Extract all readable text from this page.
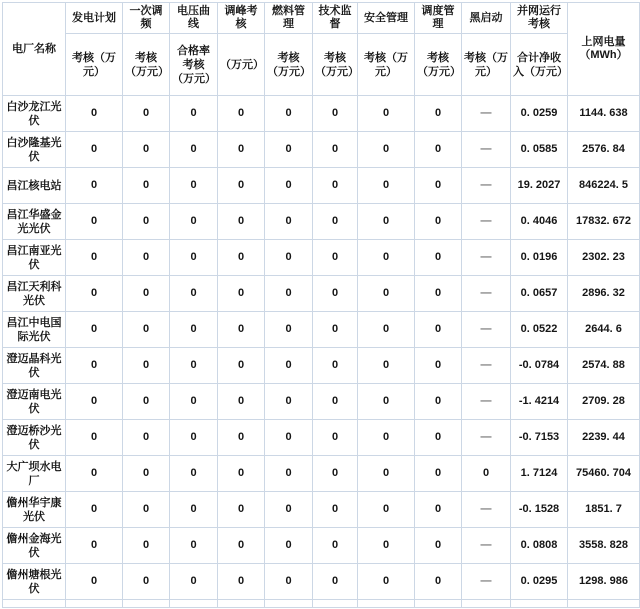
电厂名称	发电计划	一次调频	电压曲线	调峰考核	燃料管理	技术监督	安全管理	调度管理	黑启动	并网运行考核	上网电量（MWh）
	考核（万元）	考核（万元）	合格率考核（万元）	（万元）	考核（万元）	考核（万元）	考核（万元）	考核（万元）	考核（万元）	合计净收入（万元）	
白沙龙江光伏	0	0	0	0	0	0	0	0	—	0. 0259	1144. 638
白沙隆基光伏	0	0	0	0	0	0	0	0	—	0. 0585	2576. 84
昌江核电站	0	0	0	0	0	0	0	0	—	19. 2027	846224. 5
昌江华盛金光光伏	0	0	0	0	0	0	0	0	—	0. 4046	17832. 672
昌江南亚光伏	0	0	0	0	0	0	0	0	—	0. 0196	2302. 23
昌江天利科光伏	0	0	0	0	0	0	0	0	—	0. 0657	2896. 32
昌江中电国际光伏	0	0	0	0	0	0	0	0	—	0. 0522	2644. 6
澄迈晶科光伏	0	0	0	0	0	0	0	0	—	-0. 0784	2574. 88
澄迈南电光伏	0	0	0	0	0	0	0	0	—	-1. 4214	2709. 28
澄迈桥沙光伏	0	0	0	0	0	0	0	0	—	-0. 7153	2239. 44
大广坝水电厂	0	0	0	0	0	0	0	0	0	1. 7124	75460. 704
儋州华宇康光伏	0	0	0	0	0	0	0	0	—	-0. 1528	1851. 7
儋州金海光伏	0	0	0	0	0	0	0	0	—	0. 0808	3558. 828
儋州塘根光伏	0	0	0	0	0	0	0	0	—	0. 0295	1298. 986
